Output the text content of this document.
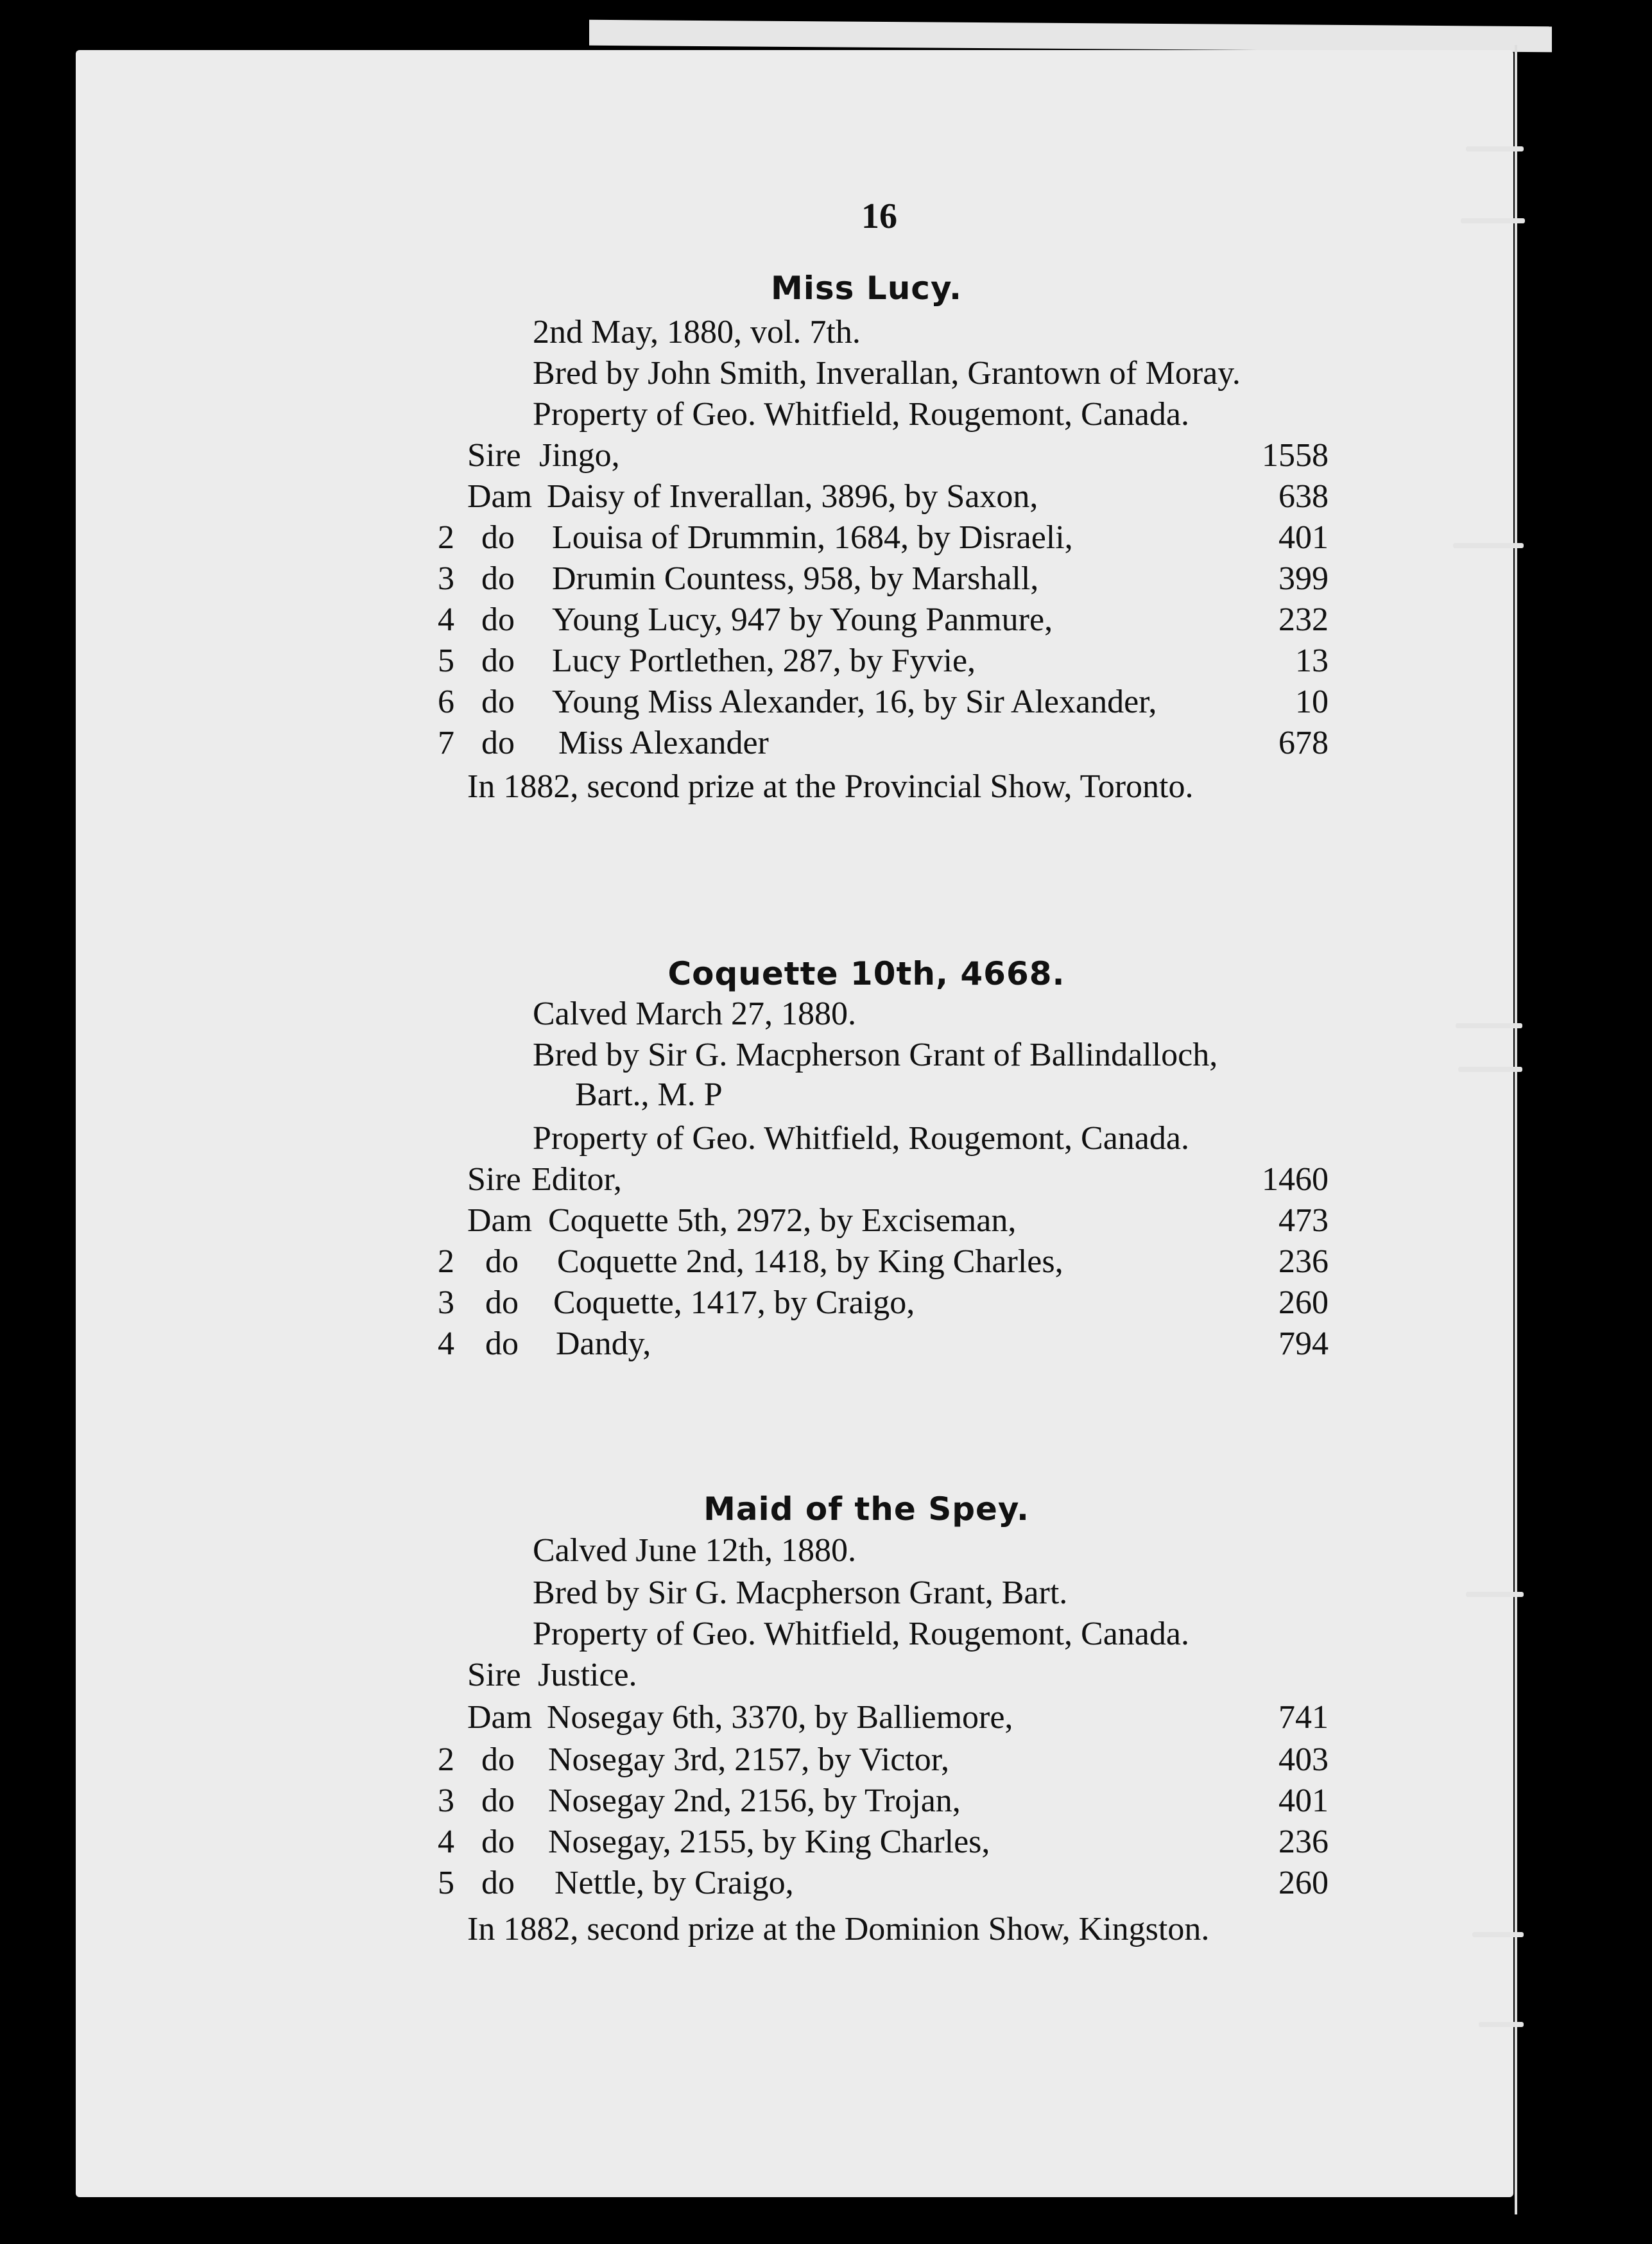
16
Miss Lucy.
2nd May, 1880, vol. 7th.
Bred by John Smith, Inverallan, Grantown of Moray.
Property of Geo. Whitfield, Rougemont, Canada.
Sire Jingo,	1558
Dam Daisy of Inverallan, 3896, by Saxon,	638
2 do Louisa of Drummin, 1684, by Disraeli,	401
3 do Drumin Countess, 958, by Marshall,	399
4 do Young Lucy, 947 by Young Panmure,	232
5 do Lucy Portlethen, 287, by Fyvie,	13
6 do Young Miss Alexander, 16, by Sir Alexander,	10
7 do Miss Alexander	678
In 1882, second prize at the Provincial Show, Toronto.
Coquette 10th, 4668.
Calved March 27, 1880.
Bred by Sir G. Macpherson Grant of Ballindalloch,
Bart., M. P
Property of Geo. Whitfield, Rougemont, Canada.
Sire Editor,	1460
Dam Coquette 5th, 2972, by Exciseman,	473
2 do Coquette 2nd, 1418, by King Charles,	236
3 do Coquette, 1417, by Craigo,	260
4 do Dandy,	794
Maid of the Spey.
Calved June 12th, 1880.
Bred by Sir G. Macpherson Grant, Bart.
Property of Geo. Whitfield, Rougemont, Canada.
Sire Justice.
Dam Nosegay 6th, 3370, by Balliemore,	741
2 do Nosegay 3rd, 2157, by Victor,	403
3 do Nosegay 2nd, 2156, by Trojan,	401
4 do Nosegay, 2155, by King Charles,	236
5 do Nettle, by Craigo,	260
In 1882, second prize at the Dominion Show, Kingston.
